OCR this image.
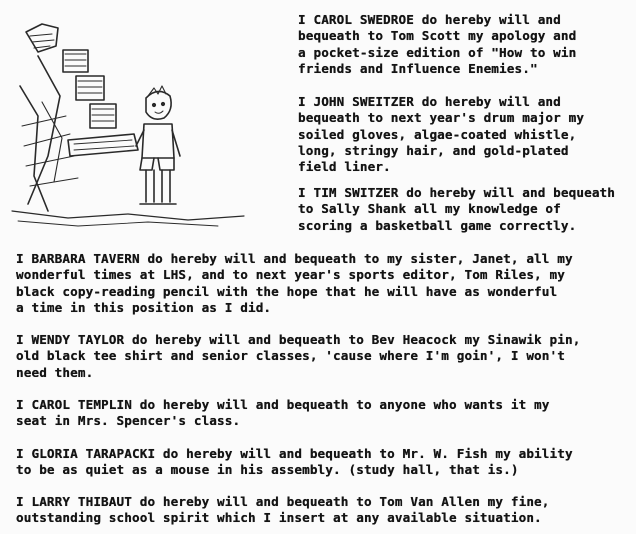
I CAROL SWEDROE do hereby will and
bequeath to Tom Scott my apology and
a pocket-size edition of "How to win
friends and Influence Enemies."

I JOHN SWEITZER do hereby will and
bequeath to next year's drum major my
soiled gloves, algae-coated whistle,
long, stringy hair, and gold-plated
field liner.

I TIM SWITZER do hereby will and bequeath
to Sally Shank all my knowledge of
scoring a basketball game correctly.

I BARBARA TAVERN do hereby will and bequeath to my sister, Janet, all my
wonderful times at LHS, and to next year's sports editor, Tom Riles, my
black copy-reading pencil with the hope that he will have as wonderful
a time in this position as I did.

I WENDY TAYLOR do hereby will and bequeath to Bev Heacock my Sinawik pin,
old black tee shirt and senior classes, 'cause where I'm goin', I won't
need them.

I CAROL TEMPLIN do hereby will and bequeath to anyone who wants it my
seat in Mrs. Spencer's class.

I GLORIA TARAPACKI do hereby will and bequeath to Mr. W. Fish my ability
to be as quiet as a mouse in his assembly. (study hall, that is.)

I LARRY THIBAUT do hereby will and bequeath to Tom Van Allen my fine,
outstanding school spirit which I insert at any available situation.
